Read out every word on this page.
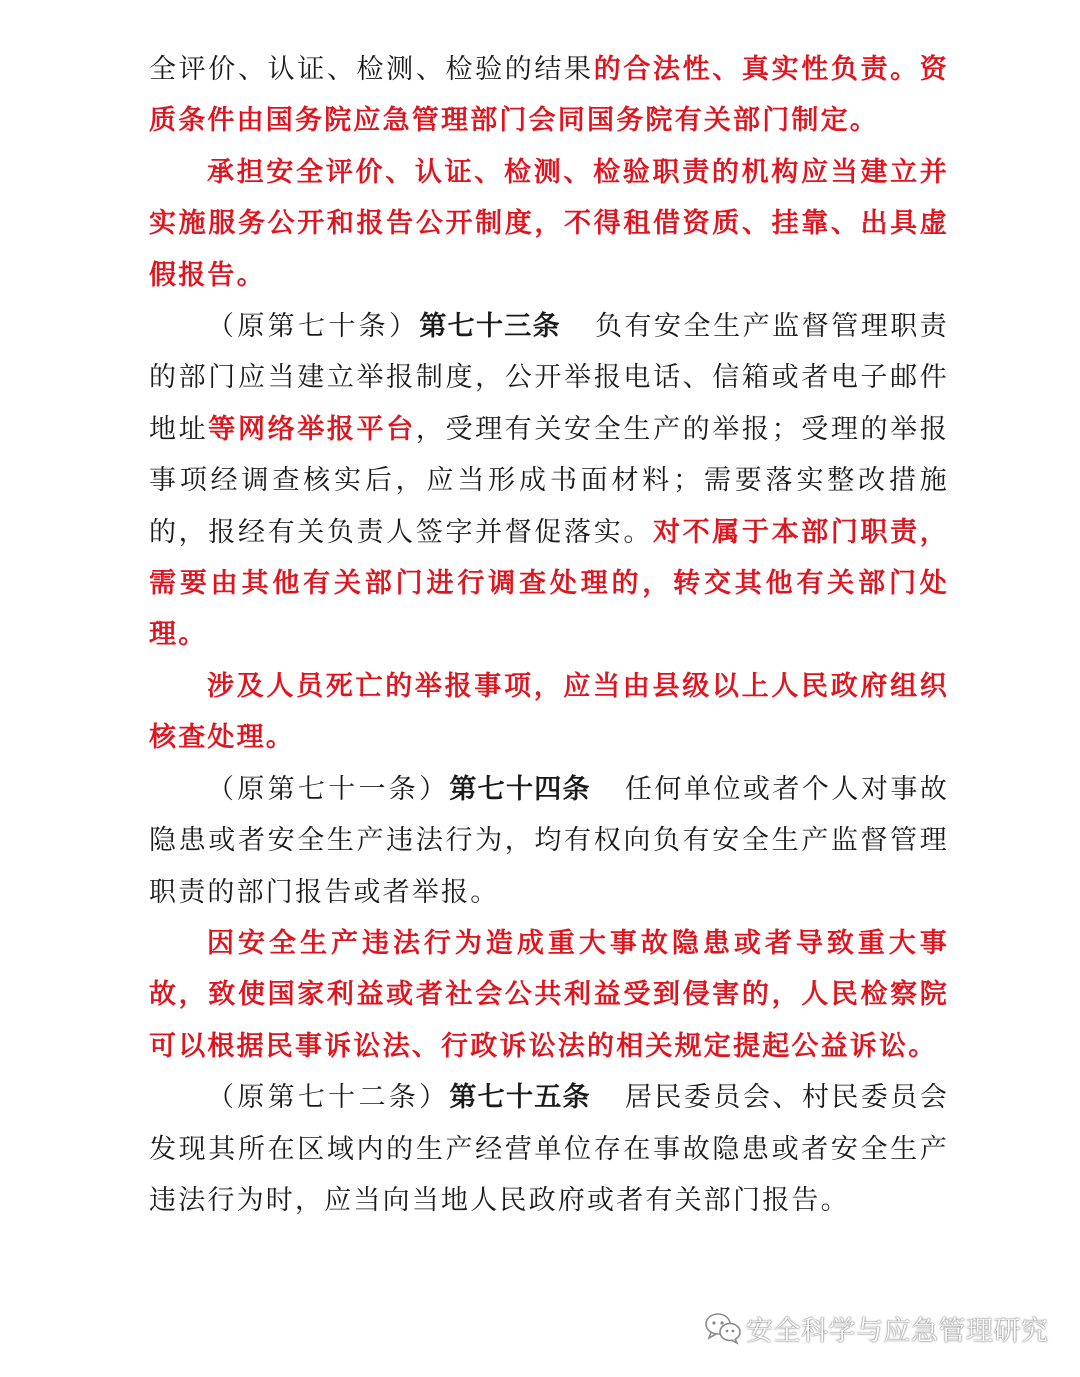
全评价、认证、检测、检验的结果的合法性、真实性负责。资质条件由国务院应急管理部门会同国务院有关部门制定。

承担安全评价、认证、检测、检验职责的机构应当建立并实施服务公开和报告公开制度，不得租借资质、挂靠、出具虚假报告。

（原第七十条）第七十三条 负有安全生产监督管理职责的部门应当建立举报制度，公开举报电话、信箱或者电子邮件地址等网络举报平台，受理有关安全生产的举报；受理的举报事项经调查核实后，应当形成书面材料；需要落实整改措施的，报经有关负责人签字并督促落实。对不属于本部门职责，需要由其他有关部门进行调查处理的，转交其他有关部门处理。

涉及人员死亡的举报事项，应当由县级以上人民政府组织核查处理。

（原第七十一条）第七十四条 任何单位或者个人对事故隐患或者安全生产违法行为，均有权向负有安全生产监督管理职责的部门报告或者举报。

因安全生产违法行为造成重大事故隐患或者导致重大事故，致使国家利益或者社会公共利益受到侵害的，人民检察院可以根据民事诉讼法、行政诉讼法的相关规定提起公益诉讼。

（原第七十二条）第七十五条 居民委员会、村民委员会发现其所在区域内的生产经营单位存在事故隐患或者安全生产违法行为时，应当向当地人民政府或者有关部门报告。

安全科学与应急管理研究
